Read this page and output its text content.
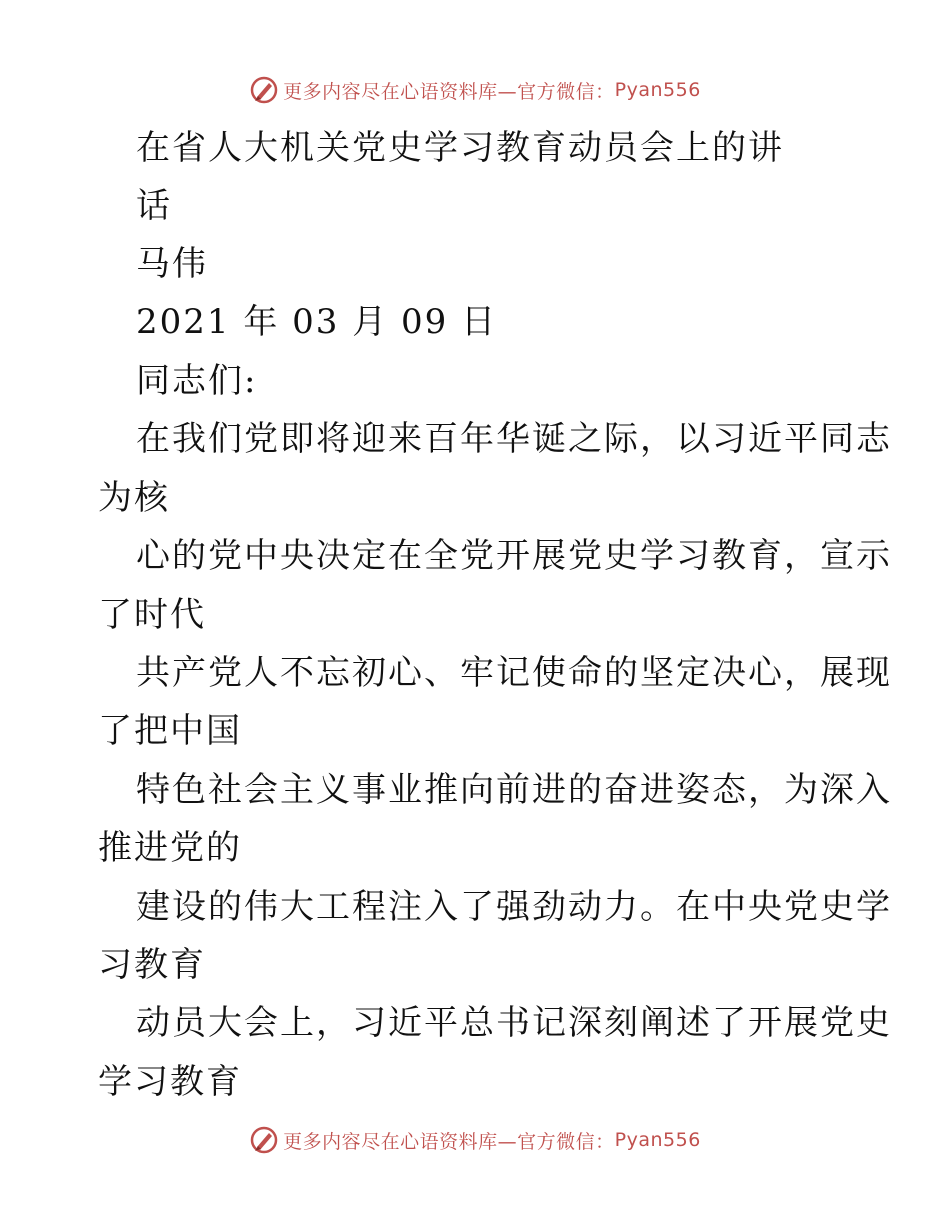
更多内容尽在心语资料库—官方微信： Pyan556
在省人大机关党史学习教育动员会上的讲
话
马伟
2021 年 03 月 09 日
同志们:
在我们党即将迎来百年华诞之际，以习近平同志
为核
心的党中央决定在全党开展党史学习教育，宣示
了时代
共产党人不忘初心、牢记使命的坚定决心，展现
了把中国
特色社会主义事业推向前进的奋进姿态，为深入
推进党的
建设的伟大工程注入了强劲动力。在中央党史学
习教育
动员大会上，习近平总书记深刻阐述了开展党史
学习教育
更多内容尽在心语资料库—官方微信： Pyan556
